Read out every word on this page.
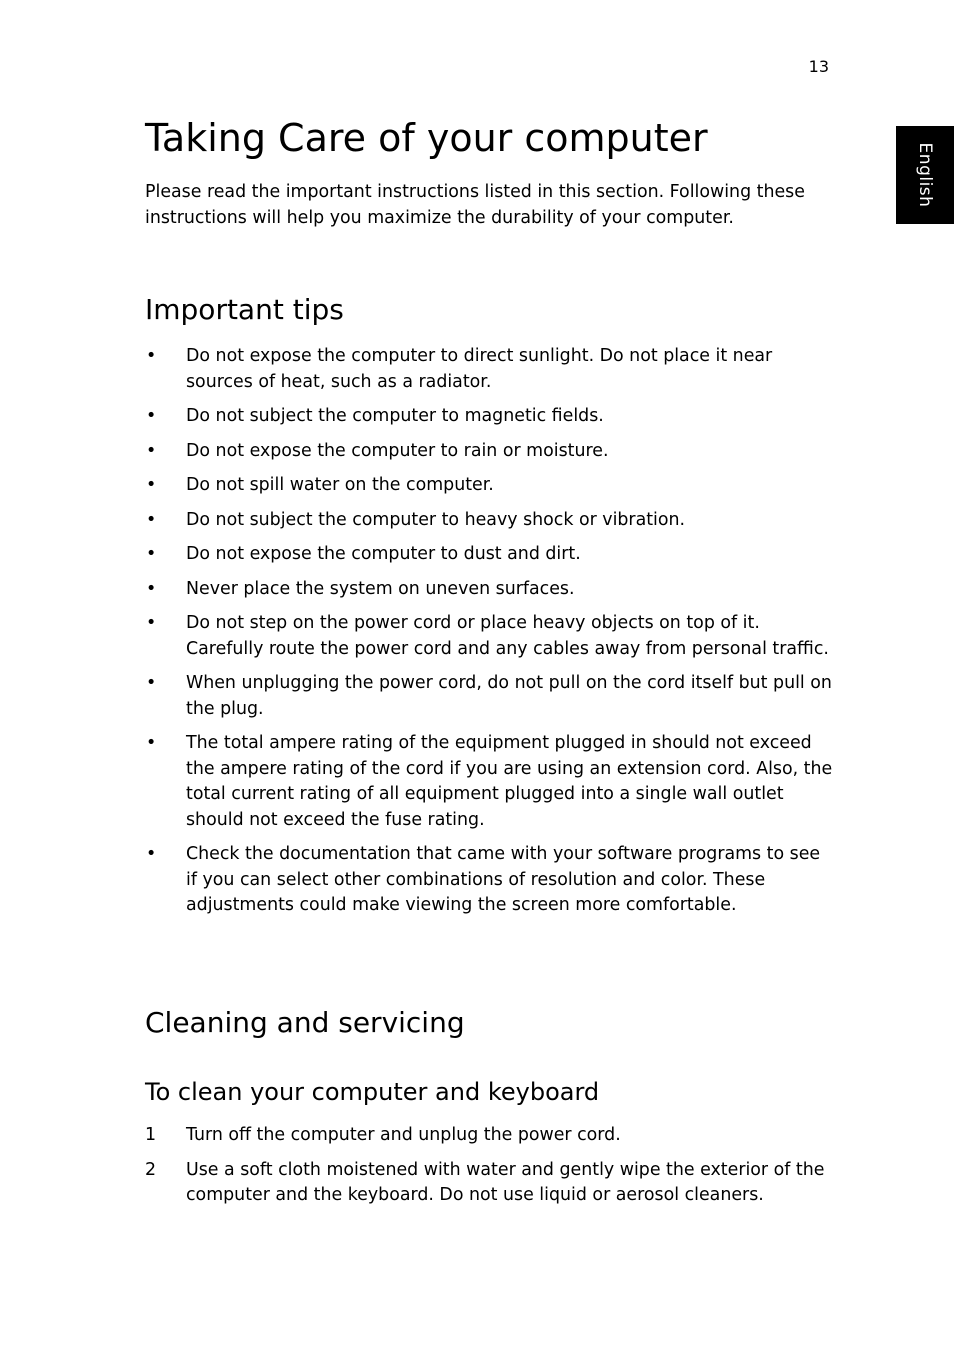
13
English
Taking Care of your computer

Please read the important instructions listed in this section. Following these instructions will help you maximize the durability of your computer.

Important tips
• Do not expose the computer to direct sunlight. Do not place it near sources of heat, such as a radiator.
• Do not subject the computer to magnetic fields.
• Do not expose the computer to rain or moisture.
• Do not spill water on the computer.
• Do not subject the computer to heavy shock or vibration.
• Do not expose the computer to dust and dirt.
• Never place the system on uneven surfaces.
• Do not step on the power cord or place heavy objects on top of it. Carefully route the power cord and any cables away from personal traffic.
• When unplugging the power cord, do not pull on the cord itself but pull on the plug.
• The total ampere rating of the equipment plugged in should not exceed the ampere rating of the cord if you are using an extension cord. Also, the total current rating of all equipment plugged into a single wall outlet should not exceed the fuse rating.
• Check the documentation that came with your software programs to see if you can select other combinations of resolution and color. These adjustments could make viewing the screen more comfortable.
Cleaning and servicing
To clean your computer and keyboard
1 Turn off the computer and unplug the power cord.
2 Use a soft cloth moistened with water and gently wipe the exterior of the computer and the keyboard. Do not use liquid or aerosol cleaners.
